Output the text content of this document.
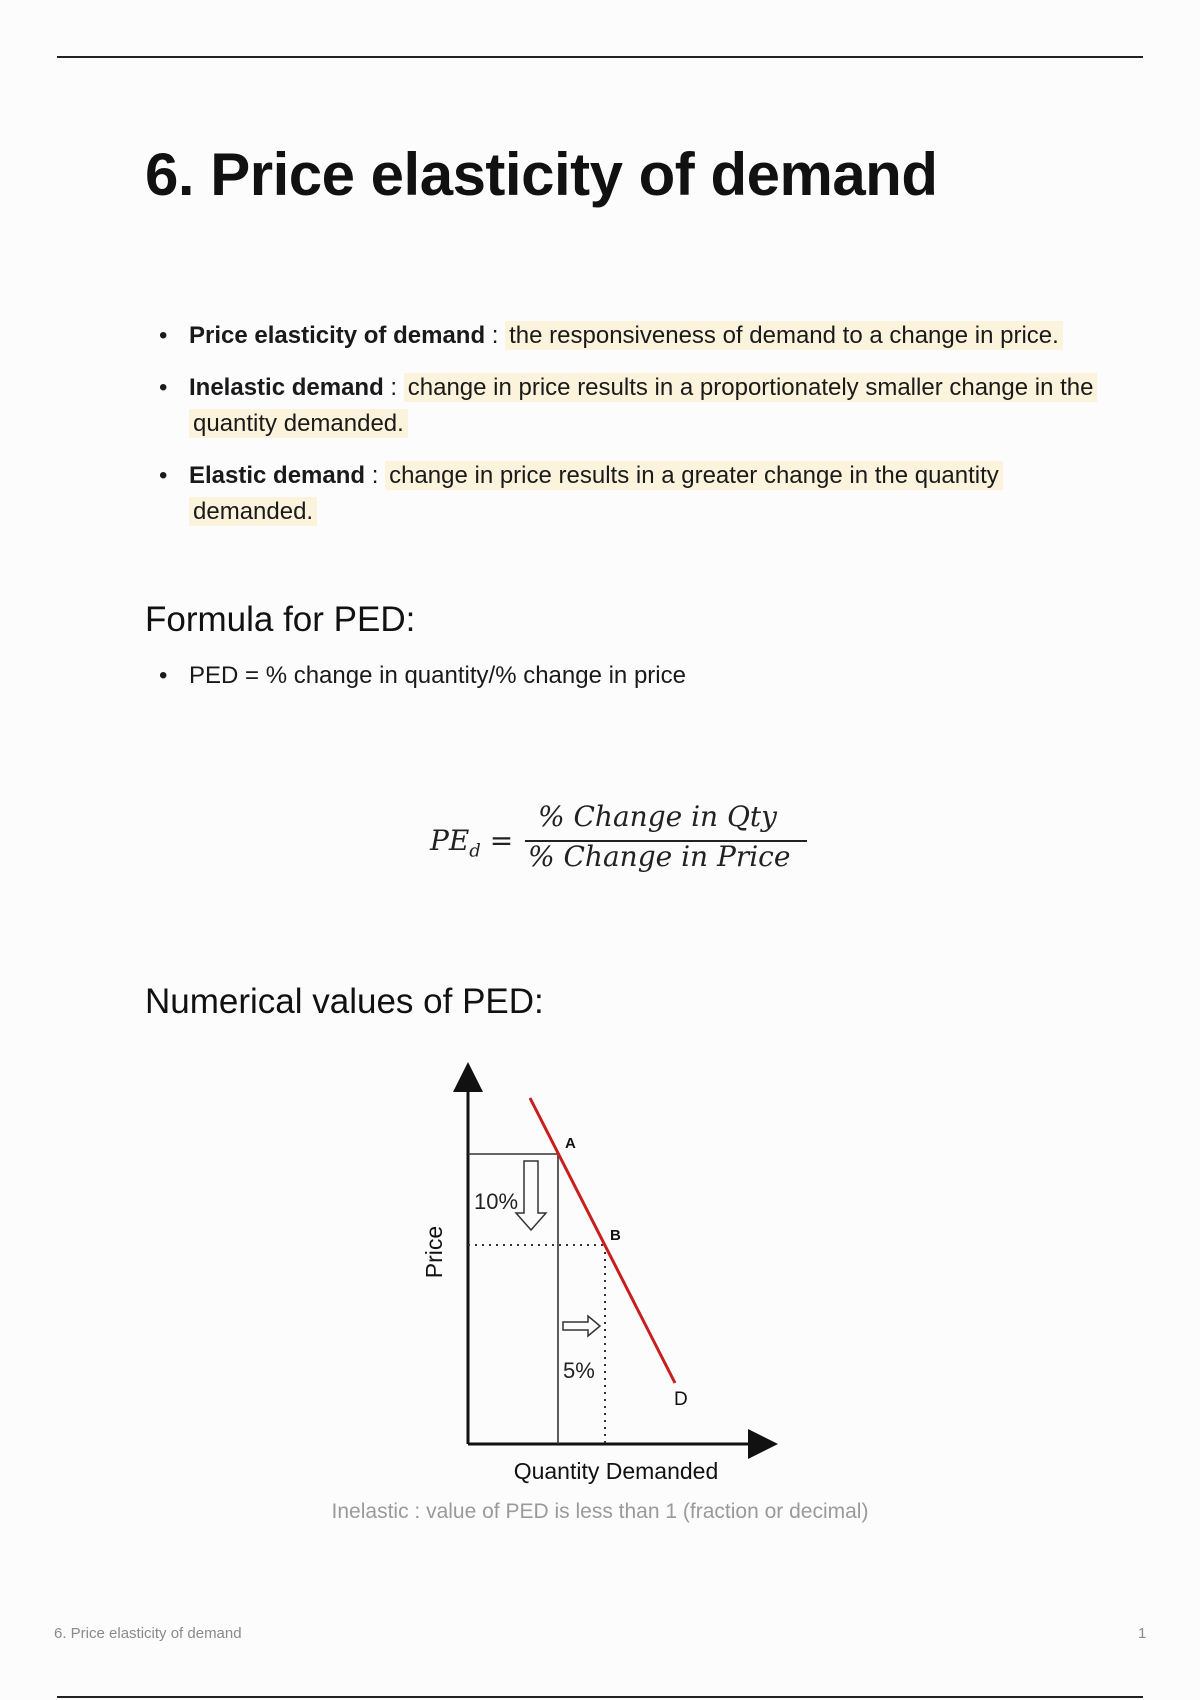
6. Price elasticity of demand
• Price elasticity of demand : the responsiveness of demand to a change in price.
• Inelastic demand : change in price results in a proportionately smaller change in the quantity demanded.
• Elastic demand : change in price results in a greater change in the quantity demanded.
Formula for PED:
• PED = % change in quantity/% change in price
$PE_d$ =
% Change in Qty
% Change in Price
Numerical values of PED:
A
B
D
10%
5%
Price
Quantity Demanded
Inelastic : value of PED is less than 1 (fraction or decimal)
6. Price elasticity of demand	1
